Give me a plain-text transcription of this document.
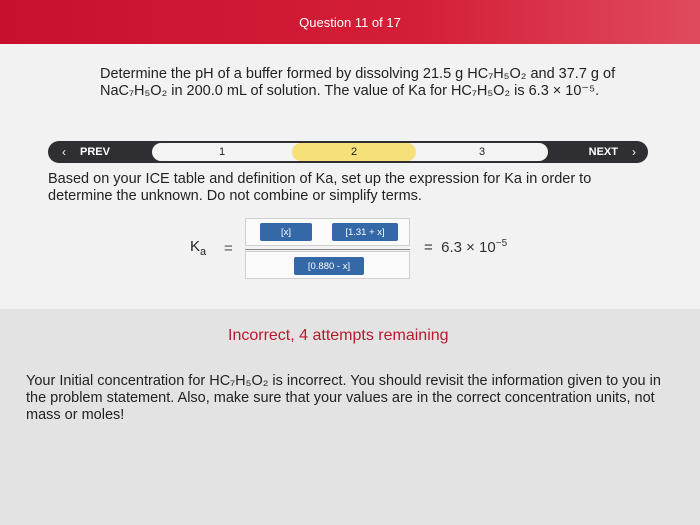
Question 11 of 17
Determine the pH of a buffer formed by dissolving 21.5 g HC₇H₅O₂ and 37.7 g of NaC₇H₅O₂ in 200.0 mL of solution. The value of Ka for HC₇H₅O₂ is 6.3 × 10⁻⁵.
‹ PREV	1	2	3	NEXT ›
Based on your ICE table and definition of Ka, set up the expression for Ka in order to determine the unknown. Do not combine or simplify terms.
$K_a$ =
[x]	[1.31 + x]
[0.880 - x]
= $6.3 \times 10^{-5}$
Incorrect, 4 attempts remaining
Your Initial concentration for HC₇H₅O₂ is incorrect. You should revisit the information given to you in the problem statement. Also, make sure that your values are in the correct concentration units, not mass or moles!
